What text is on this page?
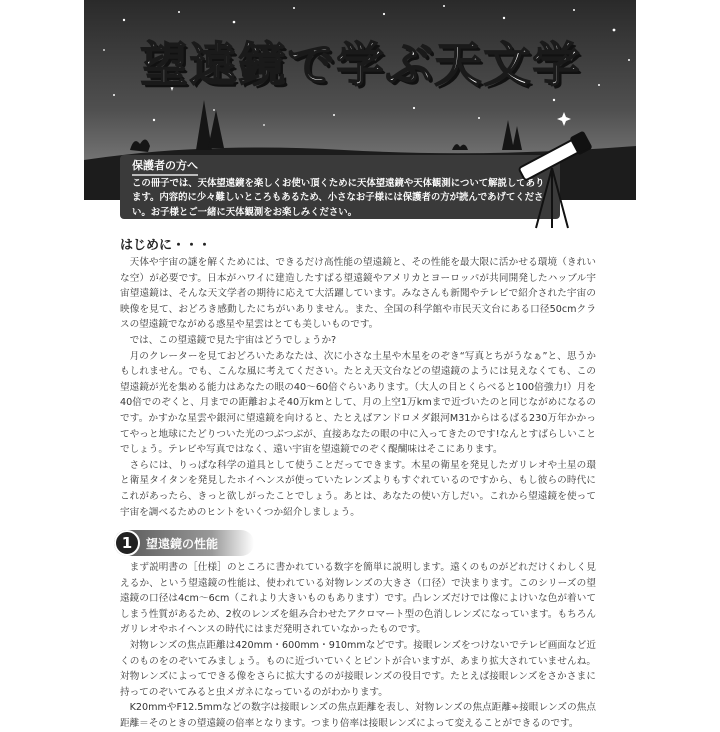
望遠鏡で学ぶ天文学
保護者の方へ
この冊子では、天体望遠鏡を楽しくお使い頂くために天体望遠鏡や天体観測について解説してあります。内容的に少々難しいところもあるため、小さなお子様には保護者の方が読んであげてください。お子様とご一緒に天体観測をお楽しみください。
はじめに・・・

天体や宇宙の謎を解くためには、できるだけ高性能の望遠鏡と、その性能を最大限に活かせる環境（きれいな空）が必要です。日本がハワイに建造したすばる望遠鏡やアメリカとヨーロッパが共同開発したハッブル宇宙望遠鏡は、そんな天文学者の期待に応えて大活躍しています。みなさんも新聞やテレビで紹介された宇宙の映像を見て、おどろき感動したにちがいありません。また、全国の科学館や市民天文台にある口径50cmクラスの望遠鏡でながめる惑星や星雲はとても美しいものです。

では、この望遠鏡で見た宇宙はどうでしょうか?

月のクレーターを見ておどろいたあなたは、次に小さな土星や木星をのぞき“写真とちがうなぁ”と、思うかもしれません。でも、こんな風に考えてください。たとえ天文台などの望遠鏡のようには見えなくても、この望遠鏡が光を集める能力はあなたの眼の40～60倍ぐらいあります。（大人の目とくらべると100倍強力!）月を40倍でのぞくと、月までの距離およそ40万kmとして、月の上空1万kmまで近づいたのと同じながめになるのです。かすかな星雲や銀河に望遠鏡を向けると、たとえばアンドロメダ銀河M31からはるばる230万年かかってやっと地球にたどりついた光のつぶつぶが、直接あなたの眼の中に入ってきたのです!なんとすばらしいことでしょう。テレビや写真ではなく、遠い宇宙を望遠鏡でのぞく醍醐味はそこにあります。

さらには、りっぱな科学の道具として使うことだってできます。木星の衛星を発見したガリレオや土星の環と衛星タイタンを発見したホイヘンスが使っていたレンズよりもすぐれているのですから、もし彼らの時代にこれがあったら、きっと欲しがったことでしょう。あとは、あなたの使い方しだい。これから望遠鏡を使って宇宙を調べるためのヒントをいくつか紹介しましょう。

1	望遠鏡の性能

まず説明書の［仕様］のところに書かれている数字を簡単に説明します。遠くのものがどれだけくわしく見えるか、という望遠鏡の性能は、使われている対物レンズの大きさ（口径）で決まります。このシリーズの望遠鏡の口径は4cm～6cm（これより大きいものもあります）です。凸レンズだけでは像によけいな色が着いてしまう性質があるため、2枚のレンズを組み合わせたアクロマート型の色消しレンズになっています。もちろんガリレオやホイヘンスの時代にはまだ発明されていなかったものです。

対物レンズの焦点距離は420mm・600mm・910mmなどです。接眼レンズをつけないでテレビ画面など近くのものをのぞいてみましょう。ものに近づいていくとピントが合いますが、あまり拡大されていませんね。対物レンズによってできる像をさらに拡大するのが接眼レンズの役目です。たとえば接眼レンズをさかさまに持ってのぞいてみると虫メガネになっているのがわかります。

K20mmやF12.5mmなどの数字は接眼レンズの焦点距離を表し、対物レンズの焦点距離÷接眼レンズの焦点距離＝そのときの望遠鏡の倍率となります。つまり倍率は接眼レンズによって変えることができるのです。
